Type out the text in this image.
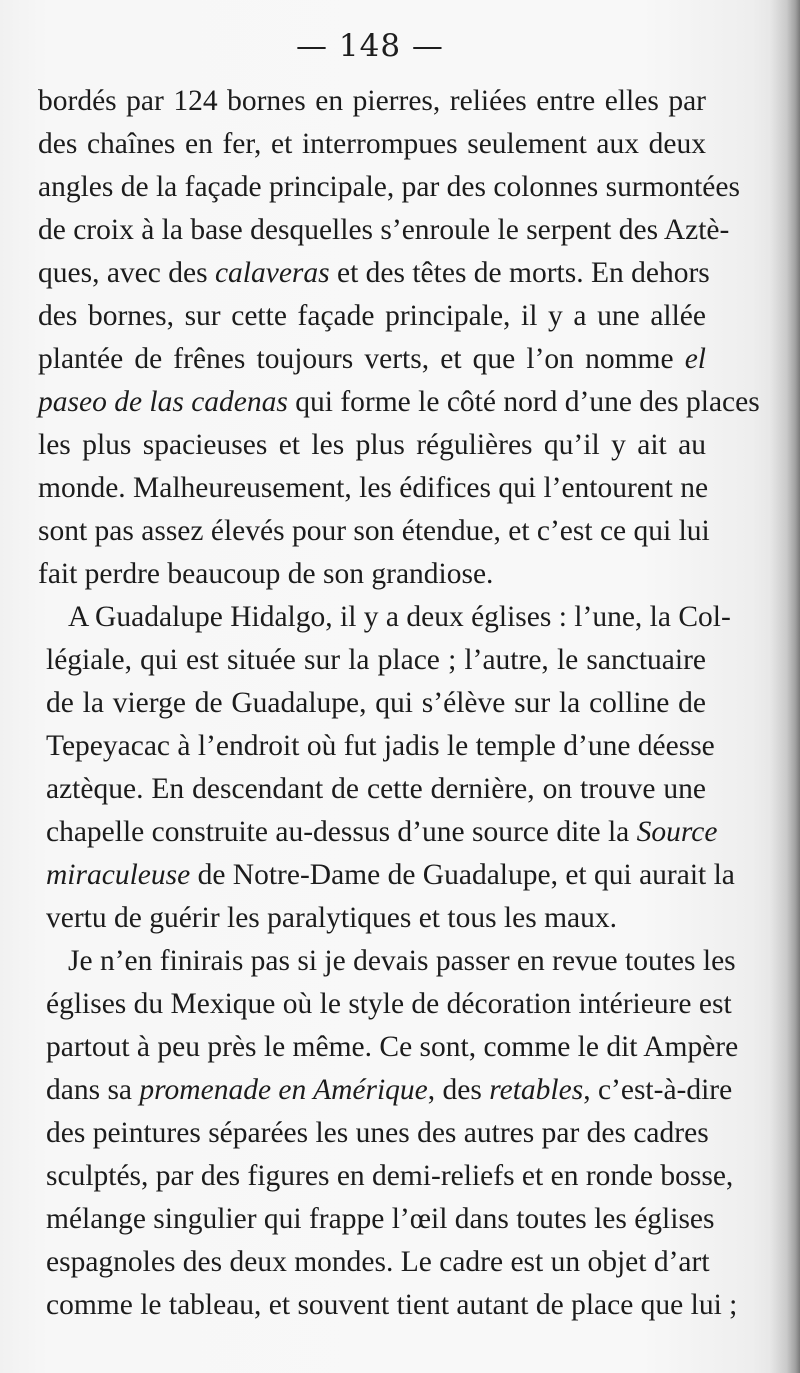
— 148 —
bordés par 124 bornes en pierres, reliées entre elles par
des chaînes en fer, et interrompues seulement aux deux
angles de la façade principale, par des colonnes surmontées
de croix à la base desquelles s’enroule le serpent des Aztè-
ques, avec des calaveras et des têtes de morts. En dehors
des bornes, sur cette façade principale, il y a une allée
plantée de frênes toujours verts, et que l’on nomme el
paseo de las cadenas qui forme le côté nord d’une des places
les plus spacieuses et les plus régulières qu’il y ait au
monde. Malheureusement, les édifices qui l’entourent ne
sont pas assez élevés pour son étendue, et c’est ce qui lui
fait perdre beaucoup de son grandiose.
A Guadalupe Hidalgo, il y a deux églises : l’une, la Col-
légiale, qui est située sur la place ; l’autre, le sanctuaire
de la vierge de Guadalupe, qui s’élève sur la colline de
Tepeyacac à l’endroit où fut jadis le temple d’une déesse
aztèque. En descendant de cette dernière, on trouve une
chapelle construite au-dessus d’une source dite la Source
miraculeuse de Notre-Dame de Guadalupe, et qui aurait la
vertu de guérir les paralytiques et tous les maux.
Je n’en finirais pas si je devais passer en revue toutes les
églises du Mexique où le style de décoration intérieure est
partout à peu près le même. Ce sont, comme le dit Ampère
dans sa promenade en Amérique, des retables, c’est-à-dire
des peintures séparées les unes des autres par des cadres
sculptés, par des figures en demi-reliefs et en ronde bosse,
mélange singulier qui frappe l’œil dans toutes les églises
espagnoles des deux mondes. Le cadre est un objet d’art
comme le tableau, et souvent tient autant de place que lui ;
